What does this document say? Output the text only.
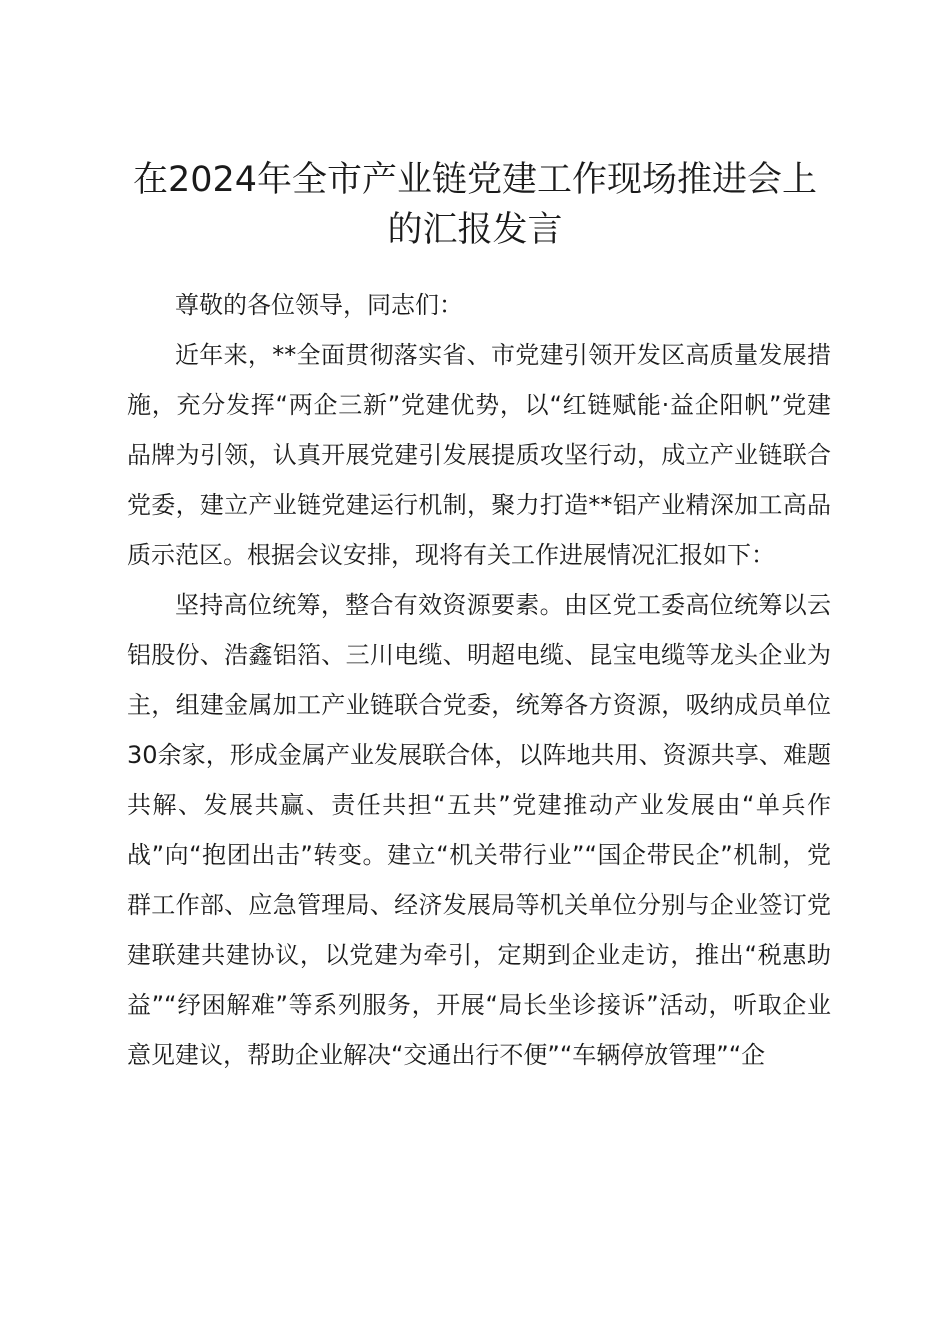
在2024年全市产业链党建工作现场推进会上的汇报发言

尊敬的各位领导，同志们：

近年来，**全面贯彻落实省、市党建引领开发区高质量发展措施，充分发挥“两企三新”党建优势，以“红链赋能·益企阳帆”党建品牌为引领，认真开展党建引发展提质攻坚行动，成立产业链联合党委，建立产业链党建运行机制，聚力打造**铝产业精深加工高品质示范区。根据会议安排，现将有关工作进展情况汇报如下：

坚持高位统筹，整合有效资源要素。由区党工委高位统筹以云铝股份、浩鑫铝箔、三川电缆、明超电缆、昆宝电缆等龙头企业为主，组建金属加工产业链联合党委，统筹各方资源，吸纳成员单位30余家，形成金属产业发展联合体，以阵地共用、资源共享、难题共解、发展共赢、责任共担“五共”党建推动产业发展由“单兵作战”向“抱团出击”转变。建立“机关带行业”“国企带民企”机制，党群工作部、应急管理局、经济发展局等机关单位分别与企业签订党建联建共建协议，以党建为牵引，定期到企业走访，推出“税惠助益”“纾困解难”等系列服务，开展“局长坐诊接诉”活动，听取企业意见建议，帮助企业解决“交通出行不便”“车辆停放管理”“企
